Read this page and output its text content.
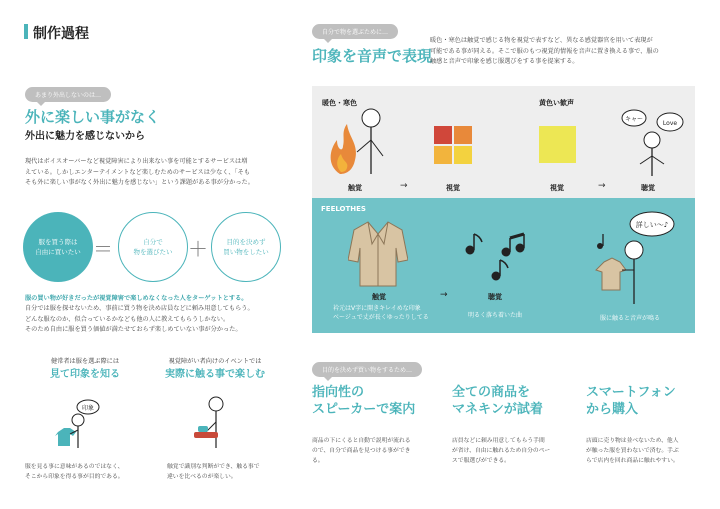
制作過程
あまり外出しないのは…
外に楽しい事がなく
外出に魅力を感じないから
現代はボイスオーバーなど視覚障害により出来ない事を可能とするサービスは増
えている。しかしエンターテイメントなど楽しむためのサービスは少なく、「そも
そも外に楽しい事がなく外出に魅力を感じない」という課題がある事が分かった。
服を買う際は
自由に買いたい ＝	自分で
物を選びたい ＋	目的を決めず
買い物をしたい
服の買い物が好きだったが視覚障害で楽しめなくなった人をターゲットとする。
自分では服を探せないため、事前に買う物を決め店員などに頼み用意してもらう。
どんな服なのか、似合っているかなども他の人に教えてもらうしかない。
そのため自由に服を買う価値が満たせておらず楽しめていない事が分かった。
健常者は服を選ぶ際には
見て印象を知る
視覚障がい者向けのイベントでは
実際に触る事で楽しむ
印象
服を見る事に意味があるのではなく、
そこから印象を得る事が目的である。
触覚で識別な判断ができ、触る事で
違いを比べるのが楽しい。
自分で物を選ぶために…
印象を音声で表現
暖色・寒色は触覚で感じる物を視覚で表すなど、異なる感覚器官を用いて表現が
可能である事が同える。そこで服のもつ視覚的情報を音声に置き換える事で、服の
触感と音声で印象を感じ服選びをする事を提案する。
暖色・寒色	黄色い歓声
キャー
Love
触覚	→	視覚	視覚	→	聴覚
FEELOTHES
詳しい～♪
触覚	→	聴覚
衿元はV字に開きキレイめな印象
ベージュで丈が長くゆったりしてる	明るく落ち着いた曲	服に触ると音声が鳴る
目的を決めず買い物をするため…
指向性の
スピーカーで案内
全ての商品を
マネキンが試着
スマートフォン
から購入
商品の下にくると自動で説明が流れる
ので、自分で商品を見つける事ができ
る。
店員などに頼み用意してもらう手間
が省け、自由に触れるため自分のペー
スで服選びができる。
店頭に売り物は並べないため、他人
が触った服を買わないで済む。手ぶ
らで店内を回れ商品に触れやすい。
